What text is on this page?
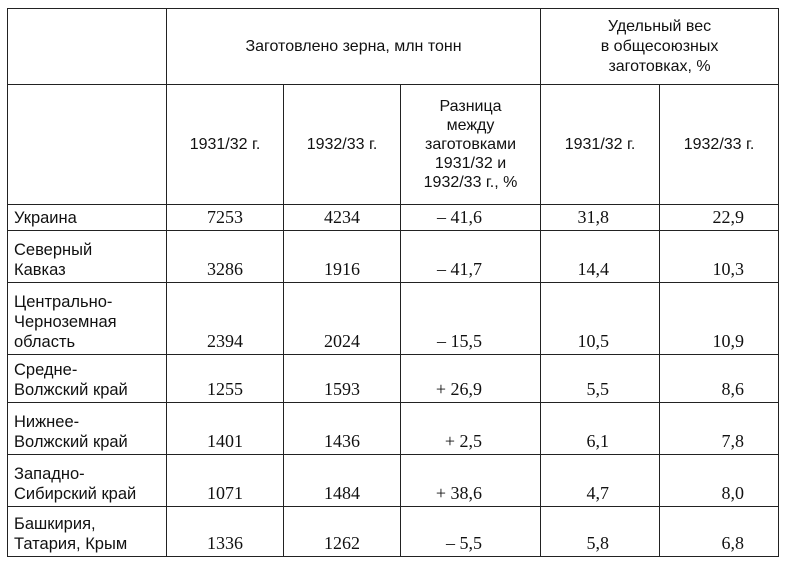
	Заготовлено зерна, млн тонн			Удельный вес
в общесоюзных
заготовках, %	

	1931/32 г.	1932/33 г.	Разница
между
заготовками
1931/32 и
1932/33 г., %	1931/32 г.	1932/33 г.

Украина	7253	4234	– 41,6	31,8	22,9

Северный
Кавказ	3286	1916	– 41,7	14,4	10,3

Центрально-
Черноземная
область	2394	2024	– 15,5	10,5	10,9

Средне-
Волжский край	1255	1593	+ 26,9	5,5	8,6

Нижнее-
Волжский край	1401	1436	+ 2,5	6,1	7,8

Западно-
Сибирский край	1071	1484	+ 38,6	4,7	8,0

Башкирия,
Татария, Крым	1336	1262	– 5,5	5,8	6,8
